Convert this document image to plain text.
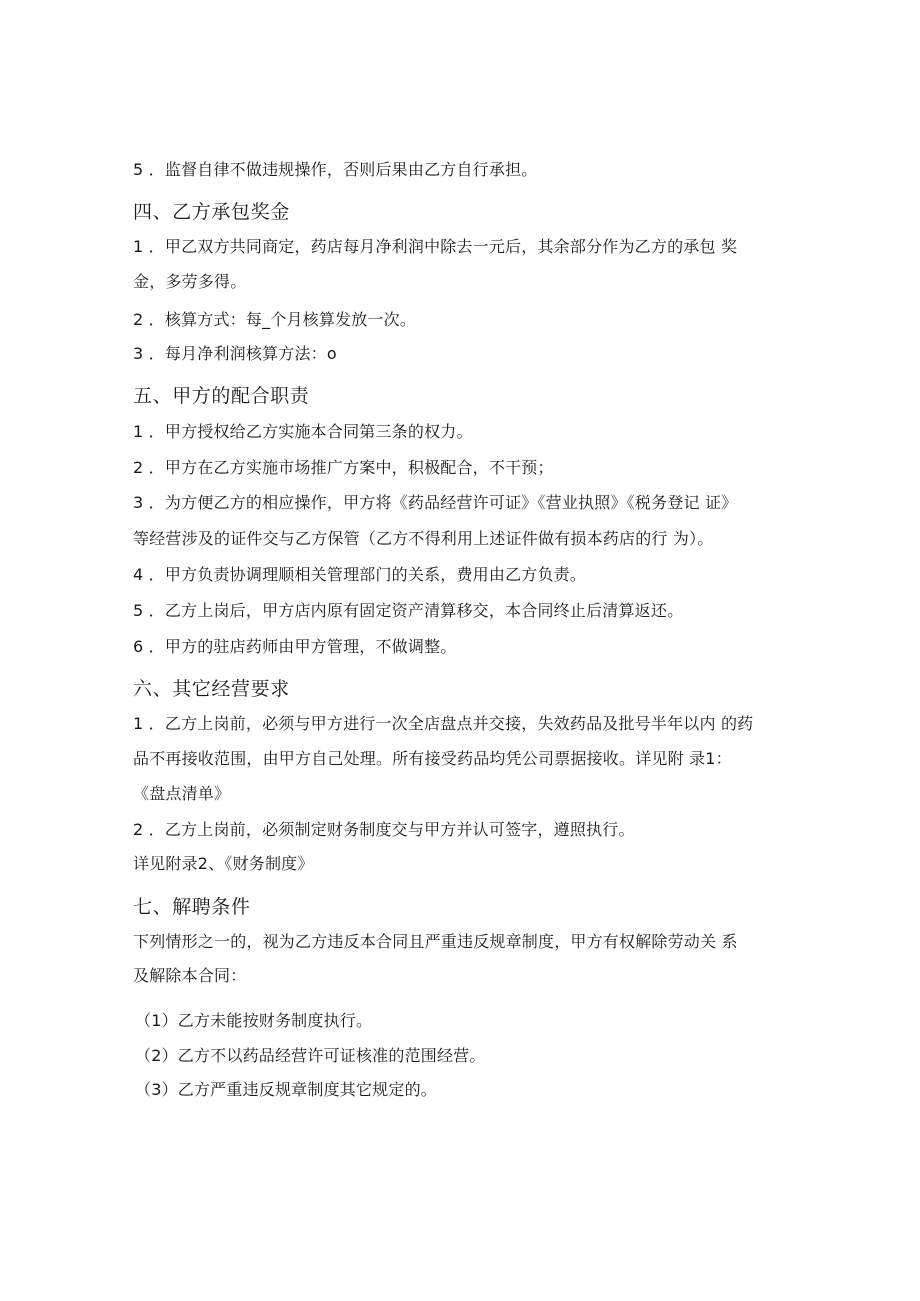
5 ．监督自律不做违规操作，否则后果由乙方自行承担。
四、乙方承包奖金
1 ．甲乙双方共同商定，药店每月净利润中除去一元后，其余部分作为乙方的承包 奖
金，多劳多得。
2 ．核算方式：每_个月核算发放一次。
3 ．每月净利润核算方法：o
五、甲方的配合职责
1 ．甲方授权给乙方实施本合同第三条的权力。
2 ．甲方在乙方实施市场推广方案中，积极配合，不干预；
3 ．为方便乙方的相应操作，甲方将《药品经营许可证》《营业执照》《税务登记 证》
等经营涉及的证件交与乙方保管（乙方不得利用上述证件做有损本药店的行 为）。
4 ．甲方负责协调理顺相关管理部门的关系，费用由乙方负责。
5 ．乙方上岗后，甲方店内原有固定资产清算移交，本合同终止后清算返还。
6 ．甲方的驻店药师由甲方管理，不做调整。
六、其它经营要求
1 ．乙方上岗前，必须与甲方进行一次全店盘点并交接，失效药品及批号半年以内 的药
品不再接收范围，由甲方自己处理。所有接受药品均凭公司票据接收。详见附 录1：
《盘点清单》
2 ．乙方上岗前，必须制定财务制度交与甲方并认可签字，遵照执行。
详见附录2、《财务制度》
七、解聘条件
下列情形之一的，视为乙方违反本合同且严重违反规章制度，甲方有权解除劳动关 系
及解除本合同：
（1）乙方未能按财务制度执行。
（2）乙方不以药品经营许可证核准的范围经营。
（3）乙方严重违反规章制度其它规定的。
